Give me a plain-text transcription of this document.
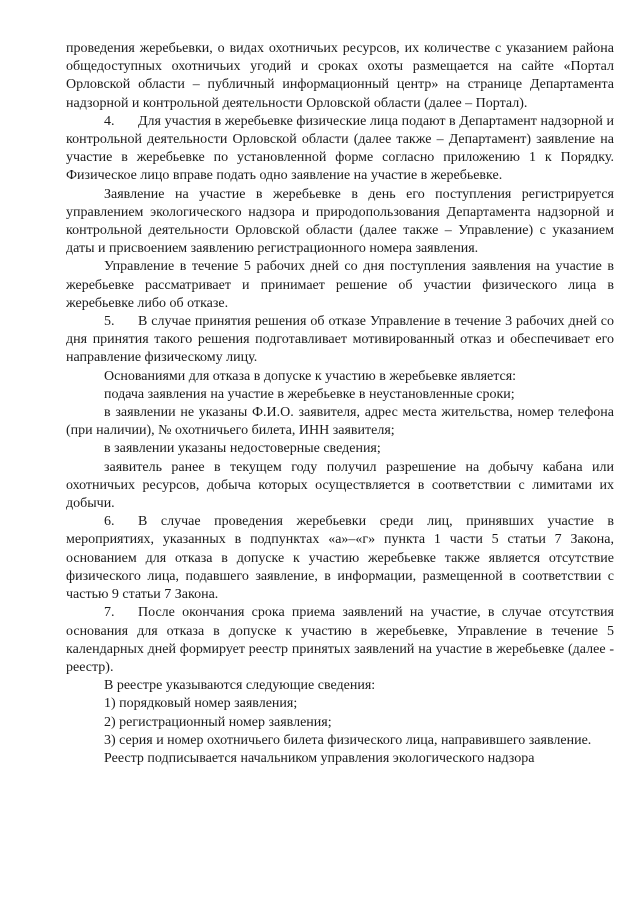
проведения жеребьевки, о видах охотничьих ресурсов, их количестве с указанием района общедоступных охотничьих угодий и сроках охоты размещается на сайте «Портал Орловской области – публичный информационный центр» на странице Департамента надзорной и контрольной деятельности Орловской области (далее – Портал).

4. Для участия в жеребьевке физические лица подают в Департамент надзорной и контрольной деятельности Орловской области (далее также – Департамент) заявление на участие в жеребьевке по установленной форме согласно приложению 1 к Порядку. Физическое лицо вправе подать одно заявление на участие в жеребьевке.

Заявление на участие в жеребьевке в день его поступления регистрируется управлением экологического надзора и природопользования Департамента надзорной и контрольной деятельности Орловской области (далее также – Управление) с указанием даты и присвоением заявлению регистрационного номера заявления.

Управление в течение 5 рабочих дней со дня поступления заявления на участие в жеребьевке рассматривает и принимает решение об участии физического лица в жеребьевке либо об отказе.

5. В случае принятия решения об отказе Управление в течение 3 рабочих дней со дня принятия такого решения подготавливает мотивированный отказ и обеспечивает его направление физическому лицу.

Основаниями для отказа в допуске к участию в жеребьевке является:

подача заявления на участие в жеребьевке в неустановленные сроки;

в заявлении не указаны Ф.И.О. заявителя, адрес места жительства, номер телефона (при наличии), № охотничьего билета, ИНН заявителя;

в заявлении указаны недостоверные сведения;

заявитель ранее в текущем году получил разрешение на добычу кабана или охотничьих ресурсов, добыча которых осуществляется в соответствии с лимитами их добычи.

6. В случае проведения жеребьевки среди лиц, принявших участие в мероприятиях, указанных в подпунктах «а»–«г» пункта 1 части 5 статьи 7 Закона, основанием для отказа в допуске к участию жеребьевке также является отсутствие физического лица, подавшего заявление, в информации, размещенной в соответствии с частью 9 статьи 7 Закона.

7. После окончания срока приема заявлений на участие, в случае отсутствия основания для отказа в допуске к участию в жеребьевке, Управление в течение 5 календарных дней формирует реестр принятых заявлений на участие в жеребьевке (далее - реестр).

В реестре указываются следующие сведения:

1) порядковый номер заявления;

2) регистрационный номер заявления;

3) серия и номер охотничьего билета физического лица, направившего заявление.

Реестр подписывается начальником управления экологического надзора
